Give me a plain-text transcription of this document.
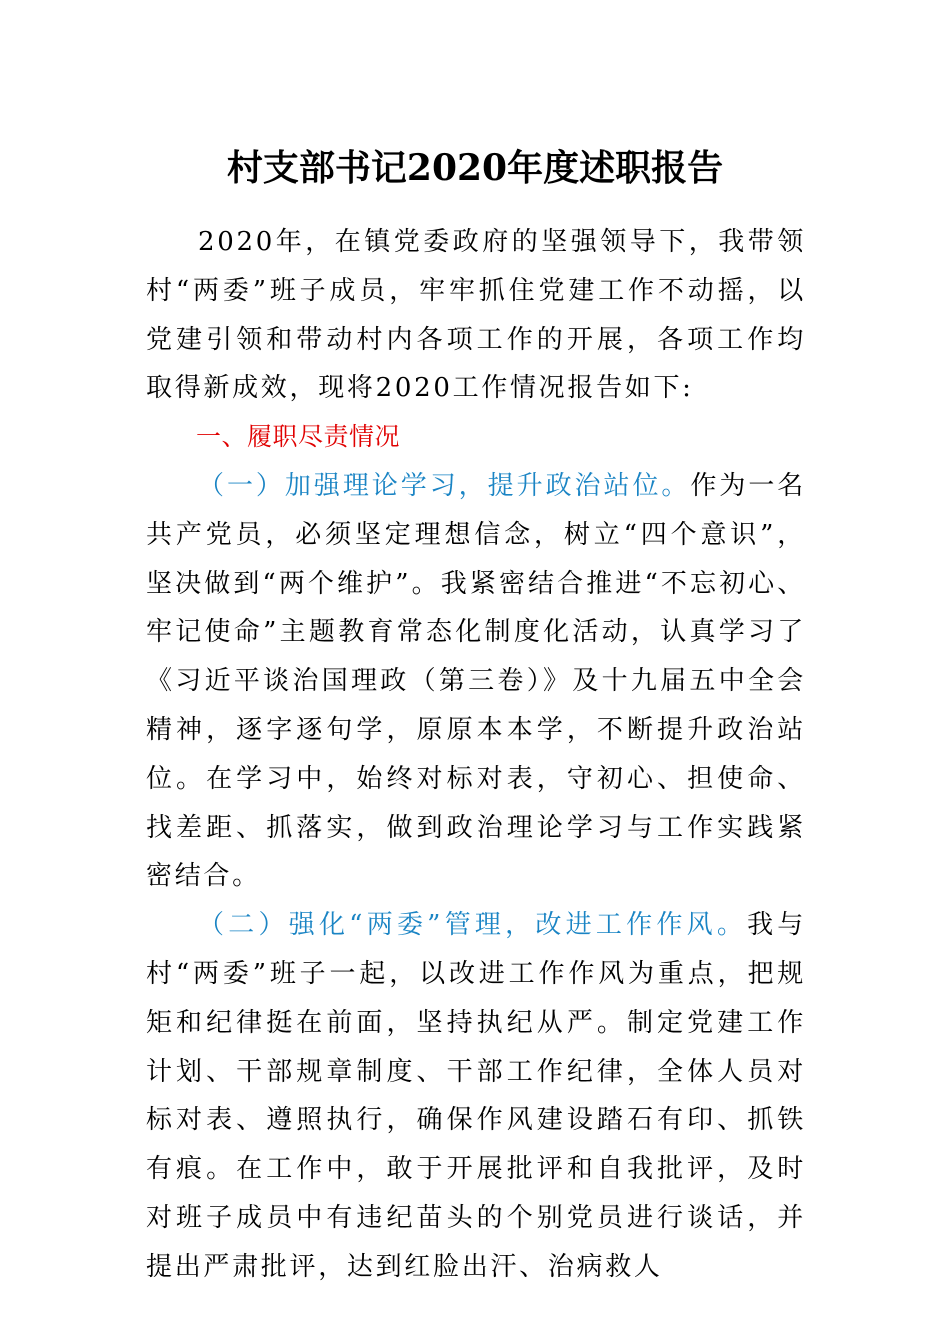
村支部书记2020年度述职报告

2020年，在镇党委政府的坚强领导下，我带领村“两委”班子成员，牢牢抓住党建工作不动摇，以党建引领和带动村内各项工作的开展，各项工作均取得新成效，现将2020工作情况报告如下:

一、履职尽责情况

（一）加强理论学习，提升政治站位。作为一名共产党员，必须坚定理想信念，树立“四个意识”，坚决做到“两个维护”。我紧密结合推进“不忘初心、牢记使命”主题教育常态化制度化活动，认真学习了《习近平谈治国理政（第三卷）》及十九届五中全会精神，逐字逐句学，原原本本学，不断提升政治站位。在学习中，始终对标对表，守初心、担使命、找差距、抓落实，做到政治理论学习与工作实践紧密结合。

（二）强化“两委”管理，改进工作作风。我与村“两委”班子一起，以改进工作作风为重点，把规矩和纪律挺在前面，坚持执纪从严。制定党建工作计划、干部规章制度、干部工作纪律，全体人员对标对表、遵照执行，确保作风建设踏石有印、抓铁有痕。在工作中，敢于开展批评和自我批评，及时对班子成员中有违纪苗头的个别党员进行谈话，并提出严肃批评，达到红脸出汗、治病救人
